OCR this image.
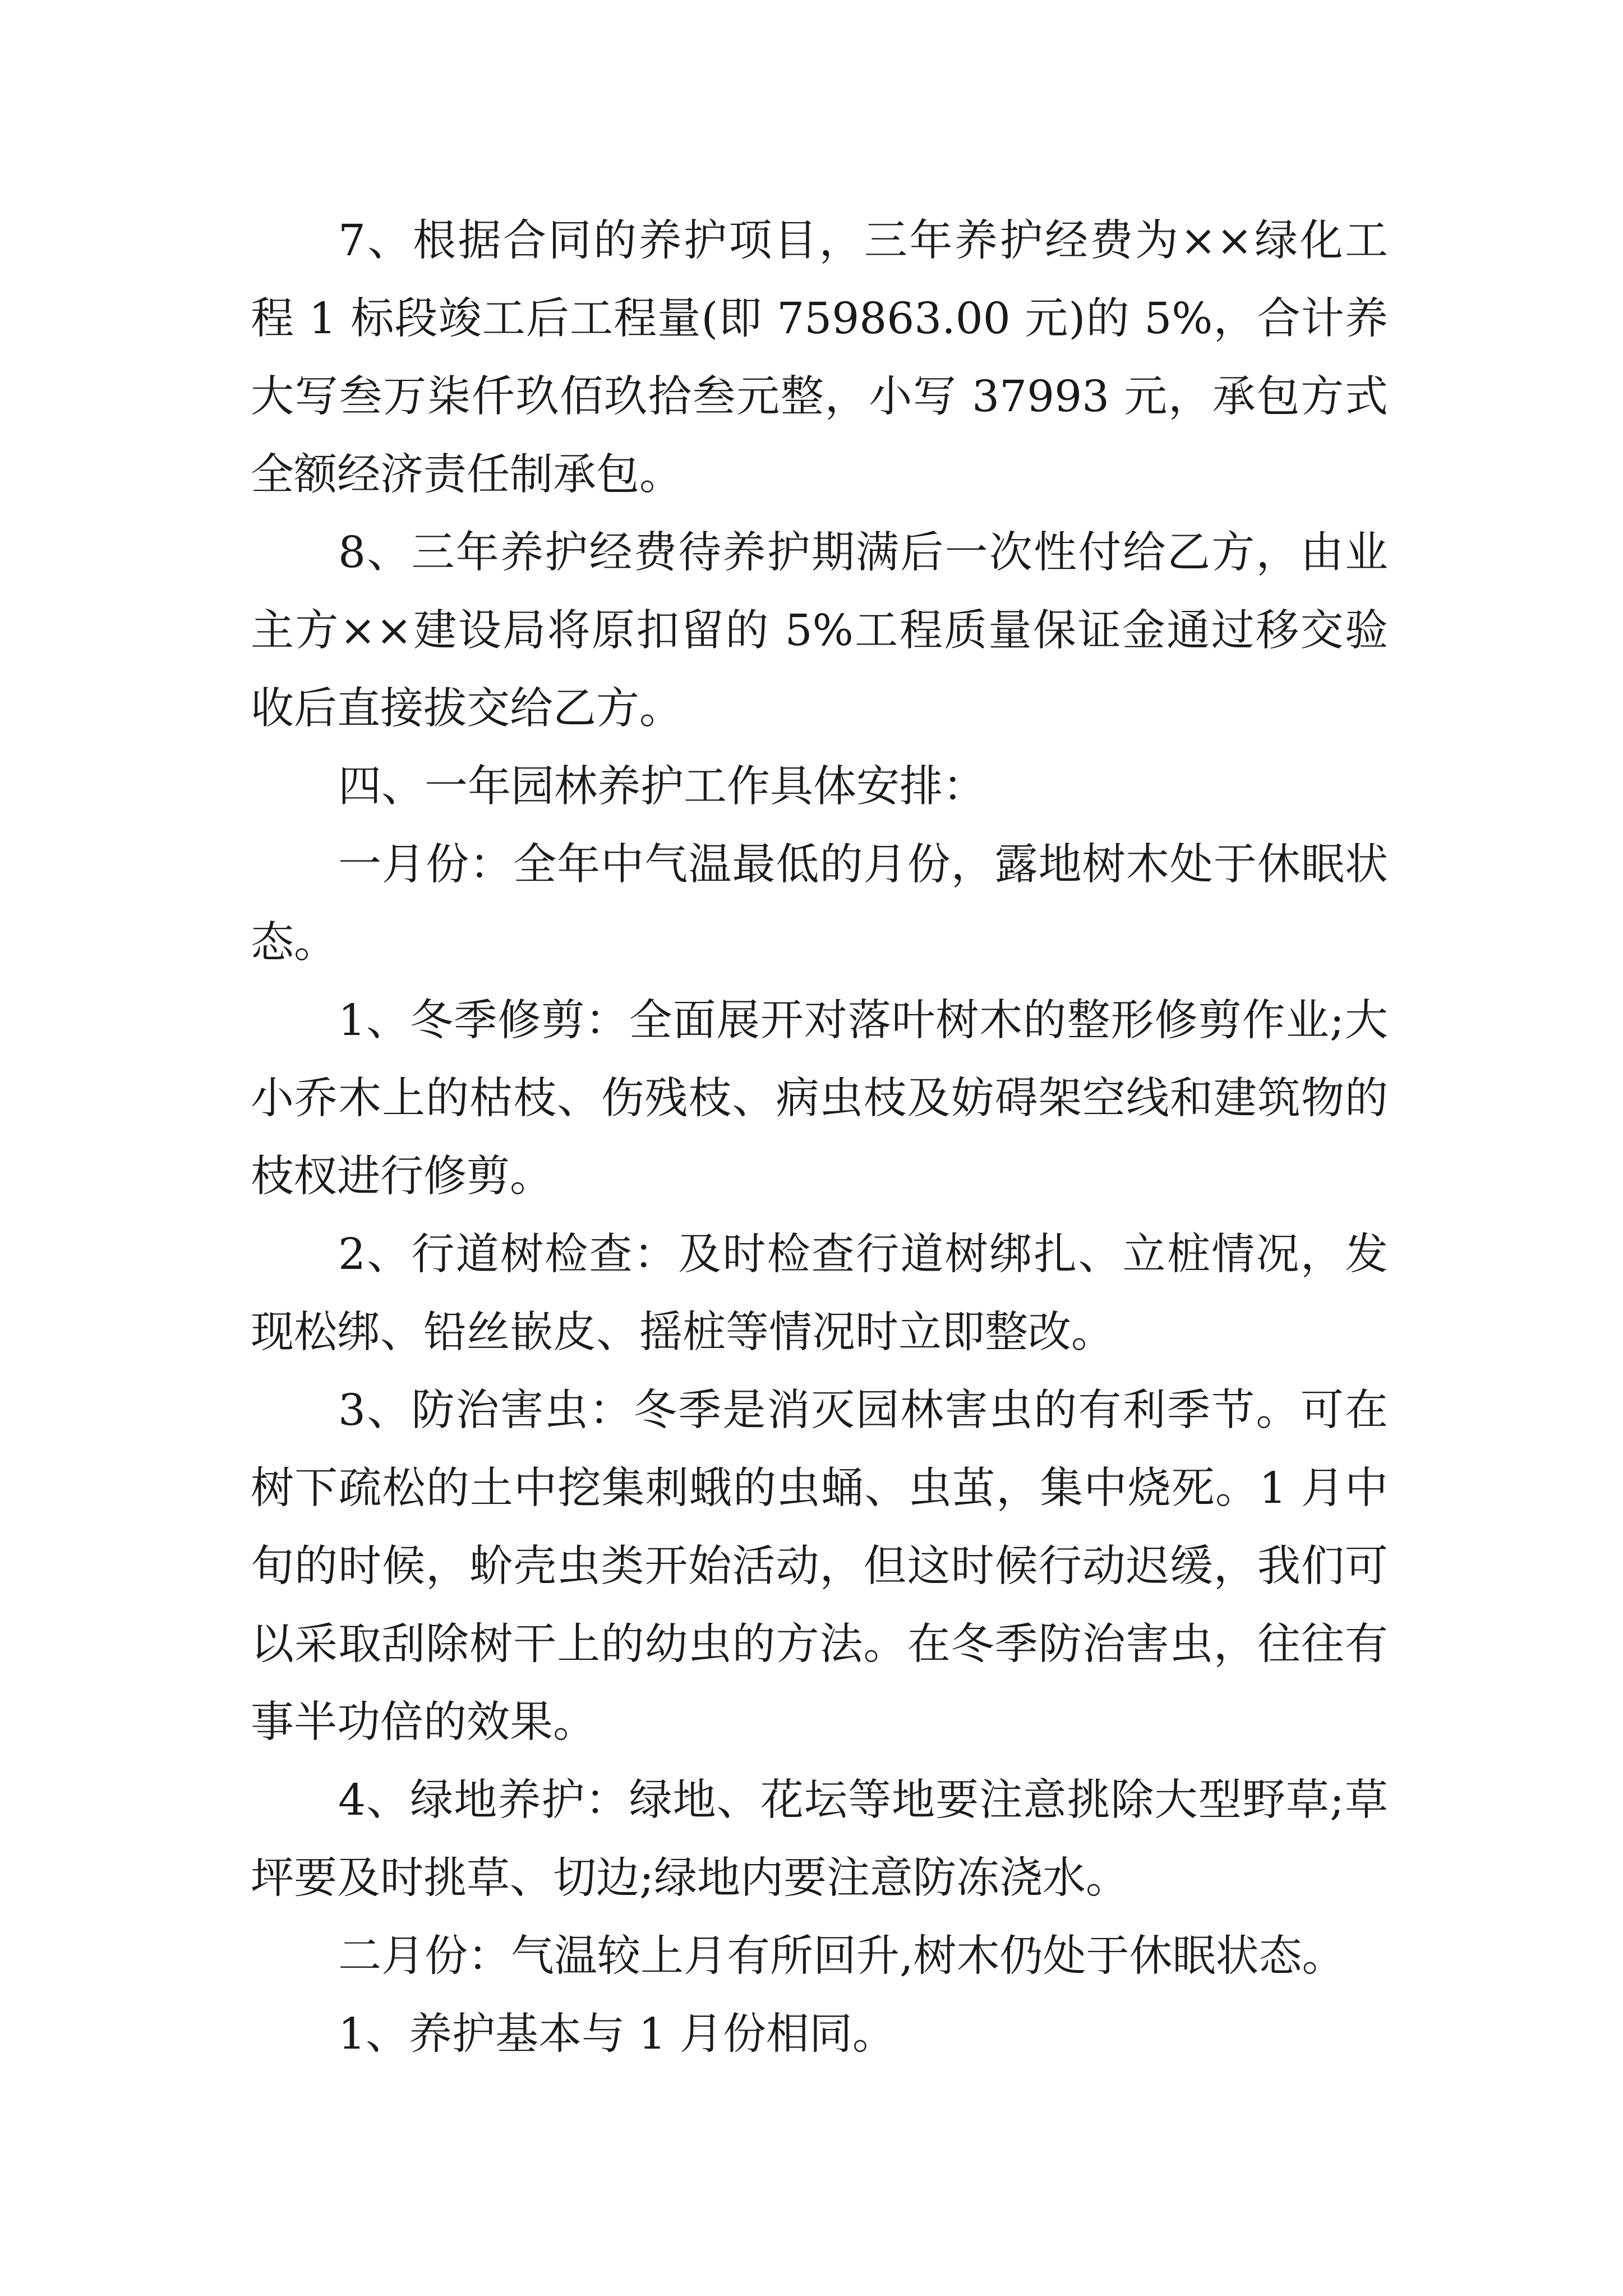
7、根据合同的养护项目，三年养护经费为××绿化工
程 1 标段竣工后工程量(即 759863.00 元)的 5%，合计养
大写叁万柒仟玖佰玖拾叁元整，小写 37993 元，承包方式
全额经济责任制承包。
8、三年养护经费待养护期满后一次性付给乙方，由业
主方××建设局将原扣留的 5%工程质量保证金通过移交验
收后直接拔交给乙方。
四、一年园林养护工作具体安排：
一月份：全年中气温最低的月份，露地树木处于休眠状
态。
1、冬季修剪：全面展开对落叶树木的整形修剪作业;大
小乔木上的枯枝、伤残枝、病虫枝及妨碍架空线和建筑物的
枝杈进行修剪。
2、行道树检查：及时检查行道树绑扎、立桩情况，发
现松绑、铅丝嵌皮、摇桩等情况时立即整改。
3、防治害虫：冬季是消灭园林害虫的有利季节。可在
树下疏松的土中挖集刺蛾的虫蛹、虫茧，集中烧死。1 月中
旬的时候，蚧壳虫类开始活动，但这时候行动迟缓，我们可
以采取刮除树干上的幼虫的方法。在冬季防治害虫，往往有
事半功倍的效果。
4、绿地养护：绿地、花坛等地要注意挑除大型野草;草
坪要及时挑草、切边;绿地内要注意防冻浇水。
二月份：气温较上月有所回升,树木仍处于休眠状态。
1、养护基本与 1 月份相同。
